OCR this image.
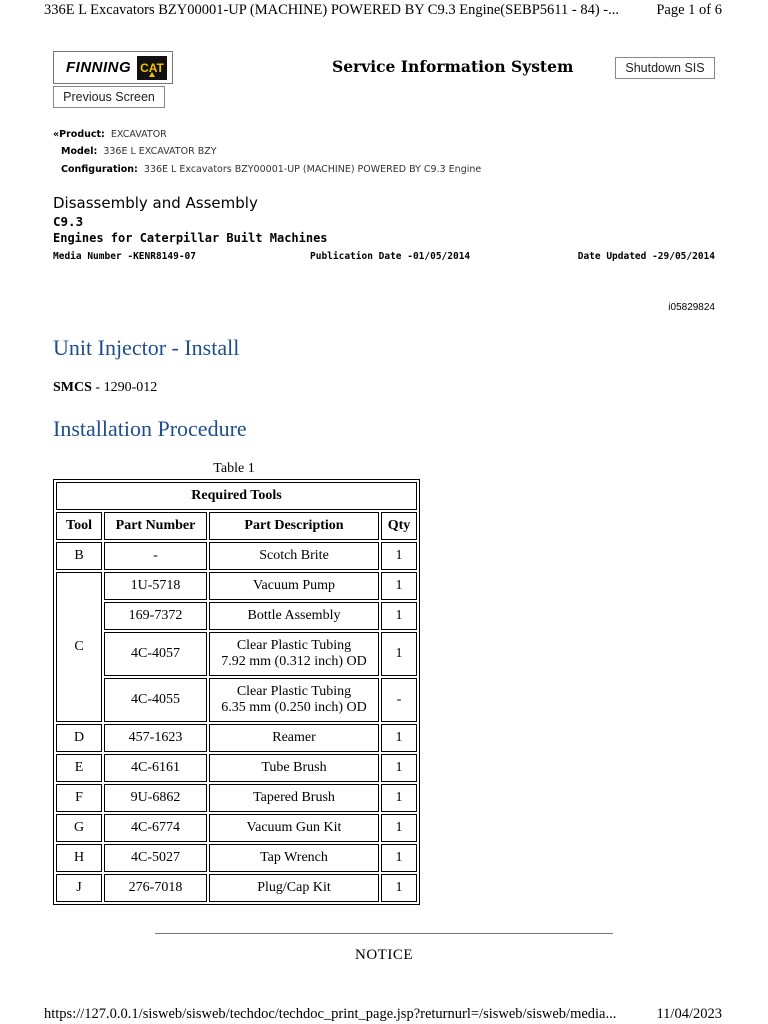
336E L Excavators BZY00001-UP (MACHINE) POWERED BY C9.3 Engine(SEBP5611 - 84) -...	Page 1 of 6
FINNING CAT	Service Information System	Shutdown SIS
Previous Screen
«Product: EXCAVATOR
Model: 336E L EXCAVATOR BZY
Configuration: 336E L Excavators BZY00001-UP (MACHINE) POWERED BY C9.3 Engine
Disassembly and Assembly
C9.3
Engines for Caterpillar Built Machines
Media Number -KENR8149-07	Publication Date -01/05/2014	Date Updated -29/05/2014
i05829824
Unit Injector - Install
SMCS - 1290-012
Installation Procedure
Table 1
Required Tools			
Tool	Part Number	Part Description	Qty
B	-	Scotch Brite	1
C	1U-5718	Vacuum Pump	1
	169-7372	Bottle Assembly	1
	4C-4057	Clear Plastic Tubing
7.92 mm (0.312 inch) OD	1
	4C-4055	Clear Plastic Tubing
6.35 mm (0.250 inch) OD	-
D	457-1623	Reamer	1
E	4C-6161	Tube Brush	1
F	9U-6862	Tapered Brush	1
G	4C-6774	Vacuum Gun Kit	1
H	4C-5027	Tap Wrench	1
J	276-7018	Plug/Cap Kit	1
NOTICE
https://127.0.0.1/sisweb/sisweb/techdoc/techdoc_print_page.jsp?returnurl=/sisweb/sisweb/media...	11/04/2023
